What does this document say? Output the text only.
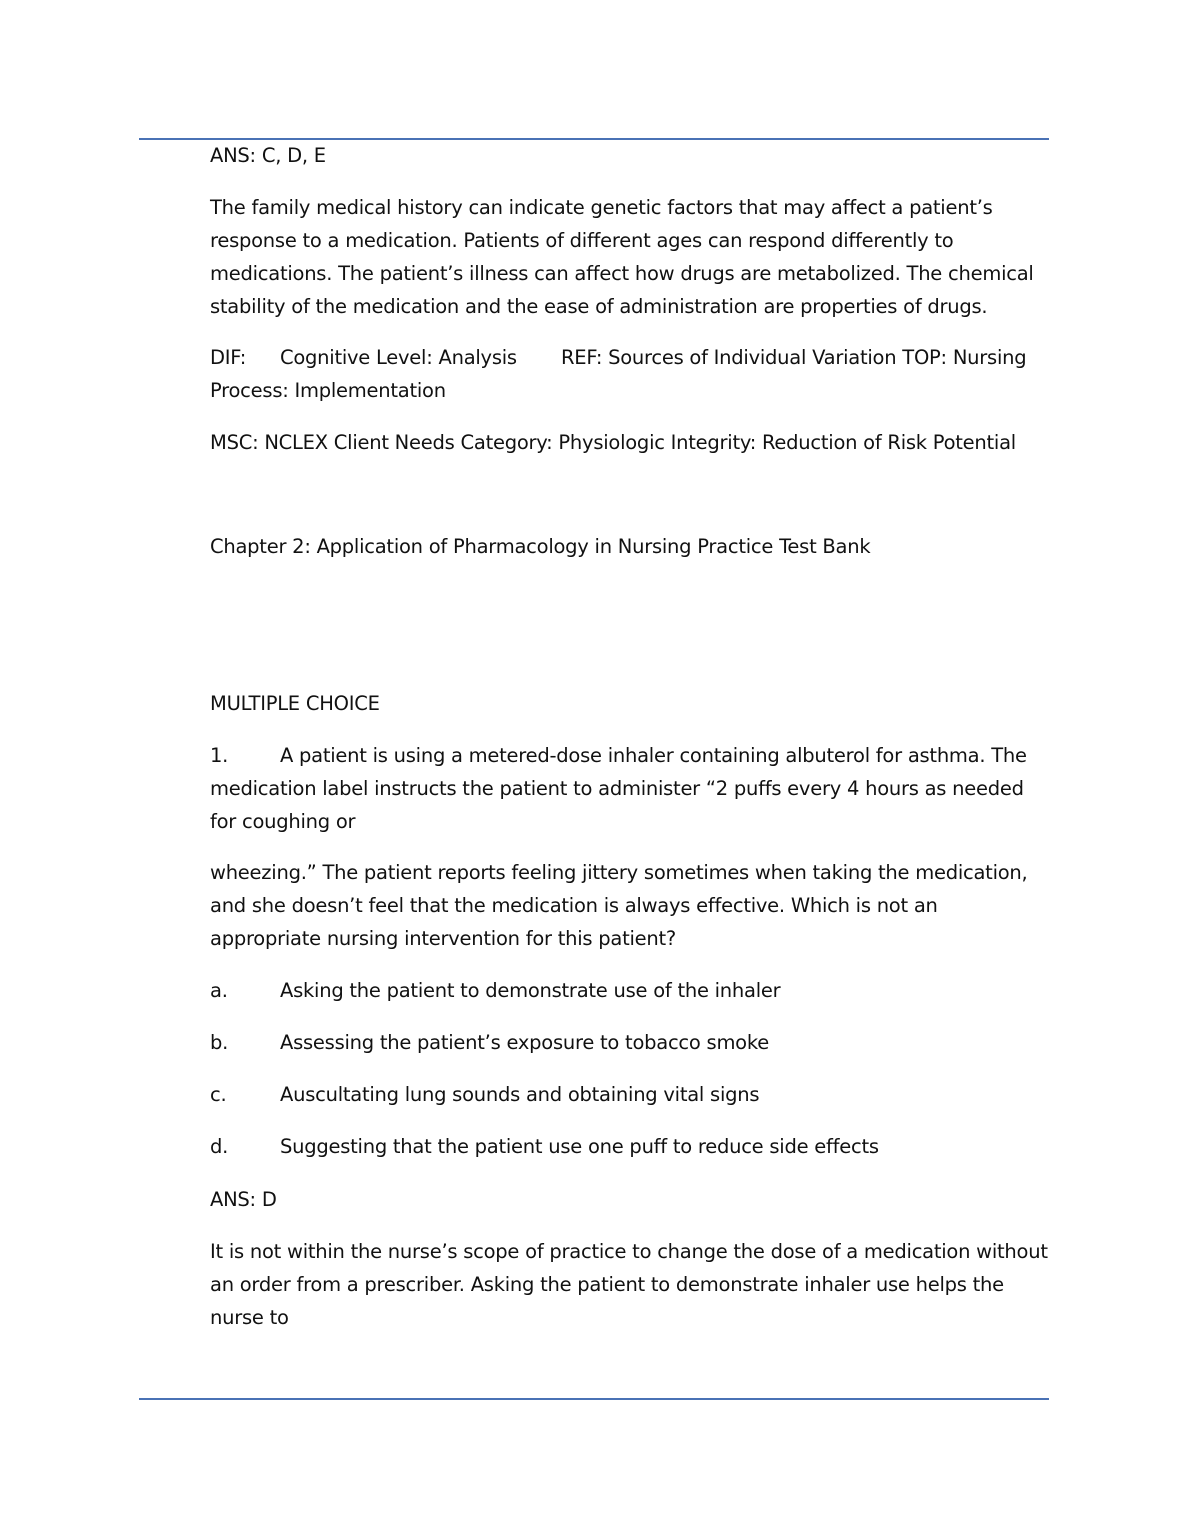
ANS: C, D, E

The family medical history can indicate genetic factors that may affect a patient’s response to a medication. Patients of different ages can respond differently to medications. The patient’s illness can affect how drugs are metabolized. The chemical stability of the medication and the ease of administration are properties of drugs.

DIF: Cognitive Level: Analysis REF: Sources of Individual Variation TOP: Nursing
Process: Implementation

MSC: NCLEX Client Needs Category: Physiologic Integrity: Reduction of Risk Potential

Chapter 2: Application of Pharmacology in Nursing Practice Test Bank

MULTIPLE CHOICE

1.	A patient is using a metered-dose inhaler containing albuterol for asthma. The medication label instructs the patient to administer “2 puffs every 4 hours as needed for coughing or

wheezing.” The patient reports feeling jittery sometimes when taking the medication, and she doesn’t feel that the medication is always effective. Which is not an appropriate nursing intervention for this patient?

a.	Asking the patient to demonstrate use of the inhaler

b.	Assessing the patient’s exposure to tobacco smoke

c.	Auscultating lung sounds and obtaining vital signs

d.	Suggesting that the patient use one puff to reduce side effects

ANS: D

It is not within the nurse’s scope of practice to change the dose of a medication without an order from a prescriber. Asking the patient to demonstrate inhaler use helps the nurse to
